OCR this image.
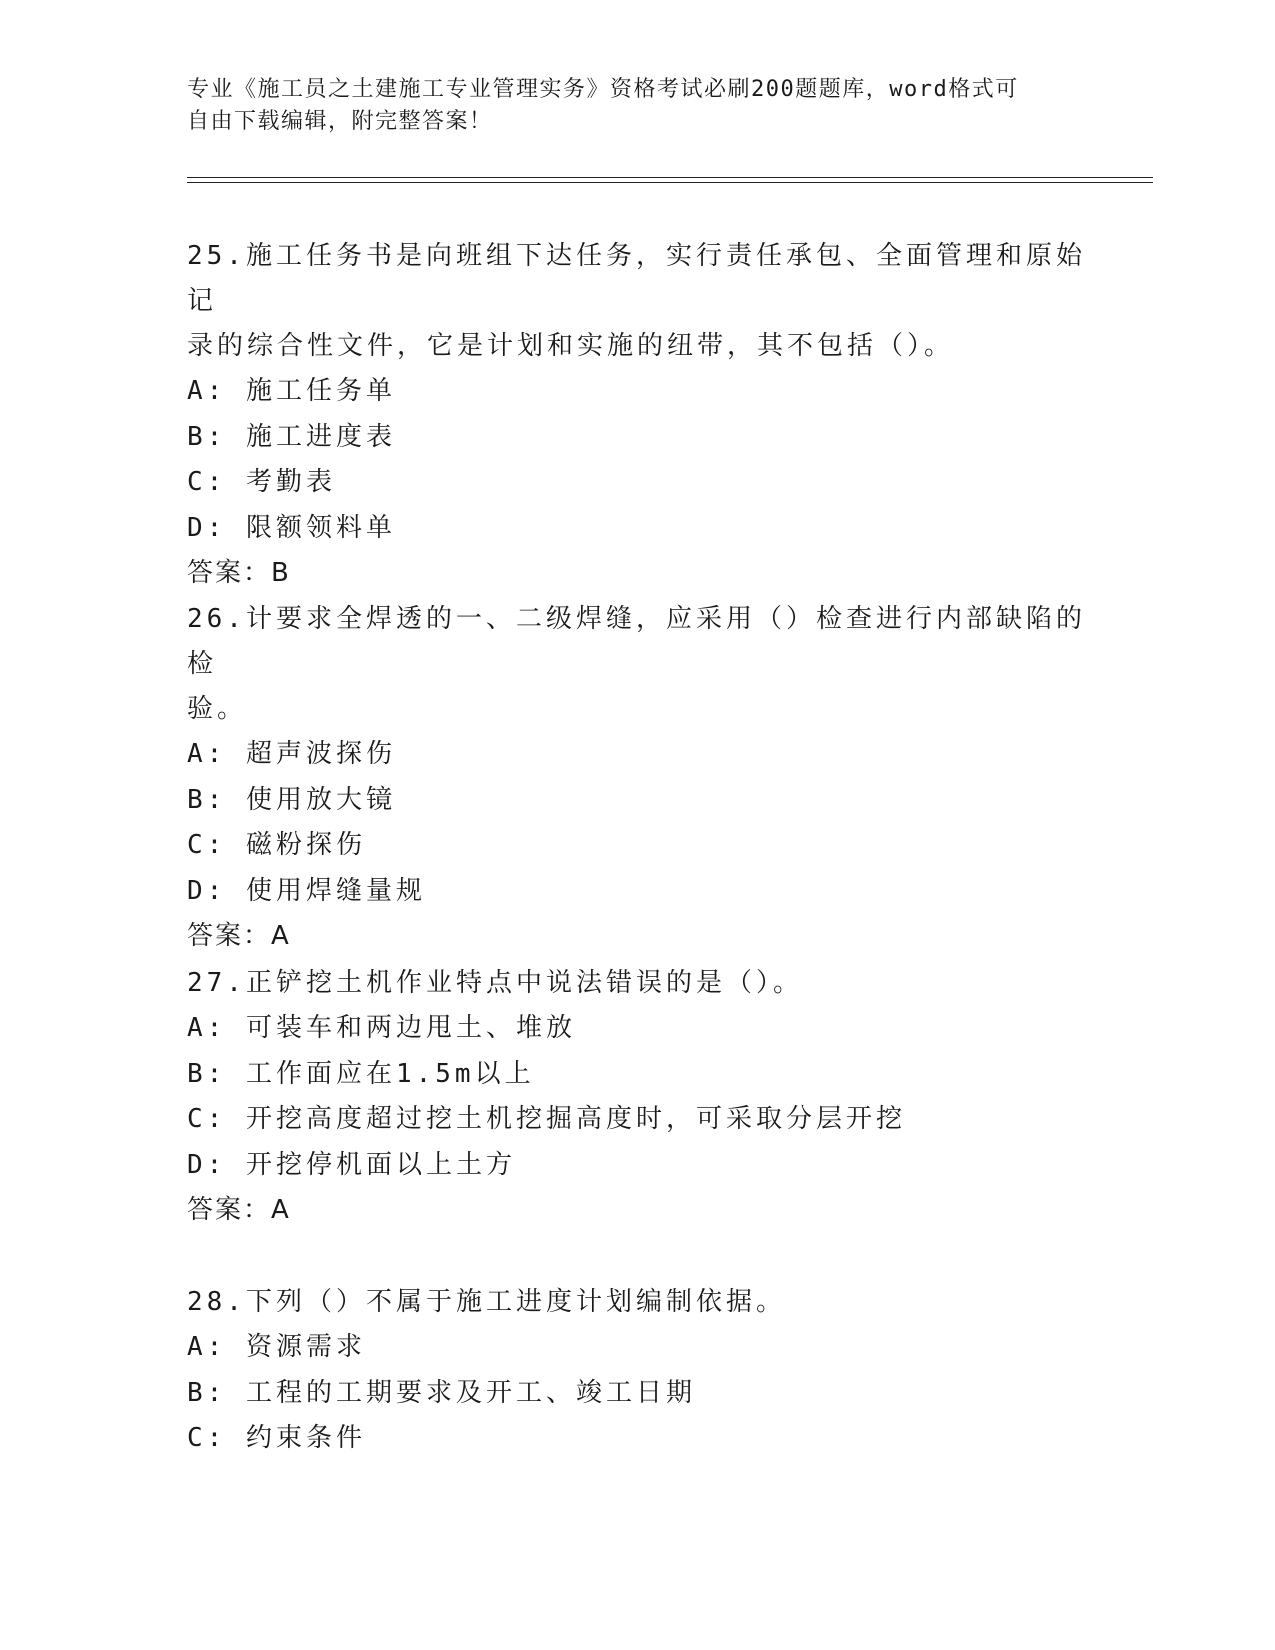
专业《施工员之土建施工专业管理实务》资格考试必刷200题题库，word格式可
自由下载编辑，附完整答案！

25.施工任务书是向班组下达任务，实行责任承包、全面管理和原始记

录的综合性文件，它是计划和实施的纽带，其不包括（）。

A: 施工任务单

B: 施工进度表

C: 考勤表

D: 限额领料单

答案：B

26.计要求全焊透的一、二级焊缝，应采用（）检查进行内部缺陷的检

验。

A: 超声波探伤

B: 使用放大镜

C: 磁粉探伤

D: 使用焊缝量规

答案：A

27.正铲挖土机作业特点中说法错误的是（）。

A: 可装车和两边甩土、堆放

B: 工作面应在1.5m以上

C: 开挖高度超过挖土机挖掘高度时，可采取分层开挖

D: 开挖停机面以上土方

答案：A

28.下列（）不属于施工进度计划编制依据。

A: 资源需求

B: 工程的工期要求及开工、竣工日期

C: 约束条件
